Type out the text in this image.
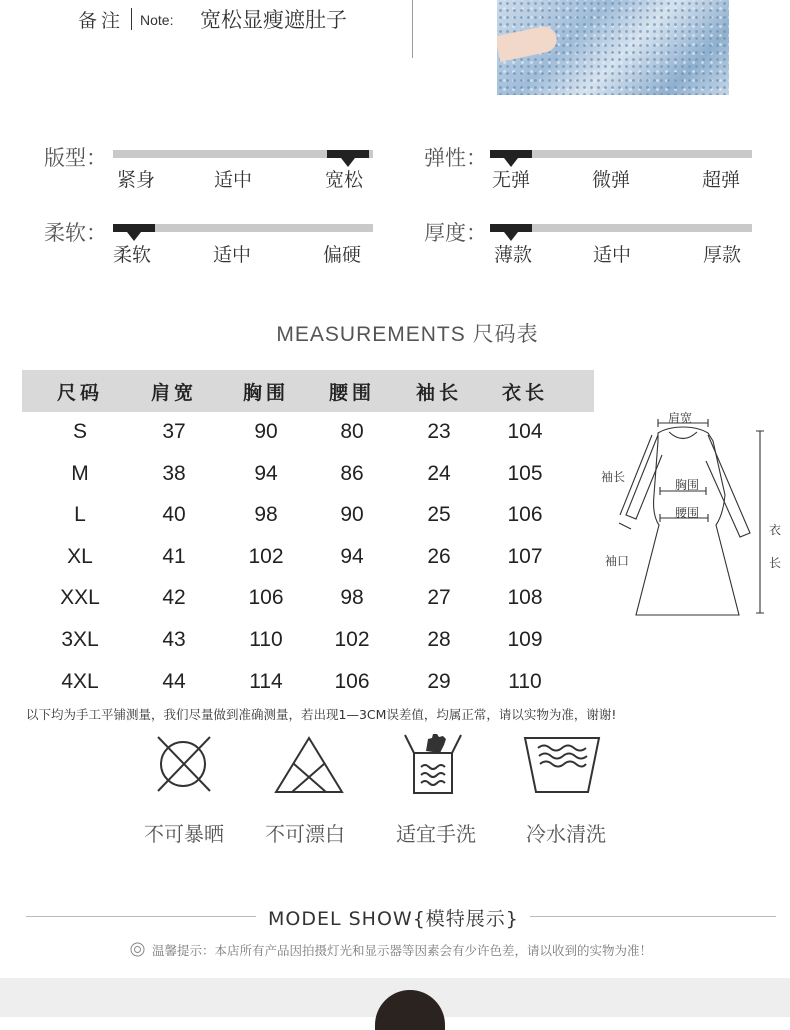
备注 Note: 宽松显瘦遮肚子
版型：
紧身	适中	宽松
弹性：
无弹	微弹	超弹
柔软：
柔软	适中	偏硬
厚度：
薄款	适中	厚款
MEASUREMENTS 尺码表
尺码	肩宽	胸围	腰围	袖长	衣长
S	37	90	80	23	104
M	38	94	86	24	105
L	40	98	90	25	106
XL	41	102	94	26	107
XXL	42	106	98	27	108
3XL	43	110	102	28	109
4XL	44	114	106	29	110
以下均为手工平铺测量，我们尽量做到准确测量，若出现1—3CM误差值，均属正常，请以实物为准，谢谢!
肩宽
袖长
胸围
腰围
袖口
衣
长
不可暴晒	不可漂白	适宜手洗	冷水清洗
MODEL SHOW{模特展示}
温馨提示：本店所有产品因拍摄灯光和显示器等因素会有少许色差，请以收到的实物为准！
